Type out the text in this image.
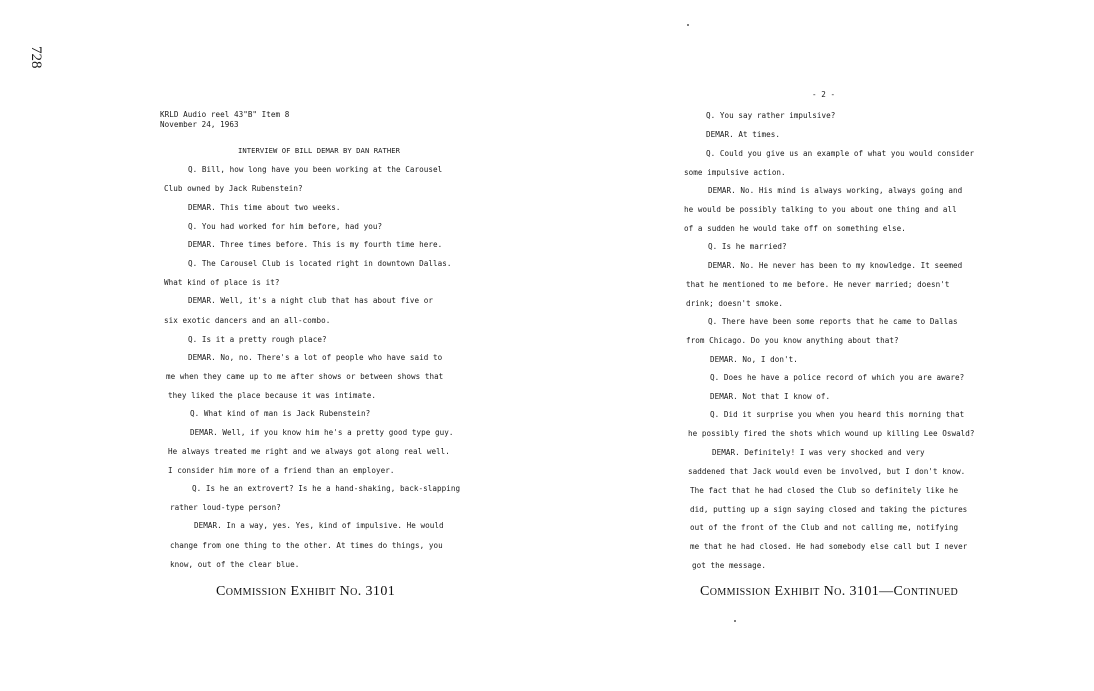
728
KRLD Audio reel 43"B" Item 8
November 24, 1963
INTERVIEW OF BILL DEMAR BY DAN RATHER
Q. Bill, how long have you been working at the Carousel
Club owned by Jack Rubenstein?
DEMAR. This time about two weeks.
Q. You had worked for him before, had you?
DEMAR. Three times before. This is my fourth time here.
Q. The Carousel Club is located right in downtown Dallas.
What kind of place is it?
DEMAR. Well, it's a night club that has about five or
six exotic dancers and an all-combo.
Q. Is it a pretty rough place?
DEMAR. No, no. There's a lot of people who have said to
me when they came up to me after shows or between shows that
they liked the place because it was intimate.
Q. What kind of man is Jack Rubenstein?
DEMAR. Well, if you know him he's a pretty good type guy.
He always treated me right and we always got along real well.
I consider him more of a friend than an employer.
Q. Is he an extrovert? Is he a hand-shaking, back-slapping
rather loud-type person?
DEMAR. In a way, yes. Yes, kind of impulsive. He would
change from one thing to the other. At times do things, you
know, out of the clear blue.
Commission Exhibit No. 3101
- 2 -
Q. You say rather impulsive?
DEMAR. At times.
Q. Could you give us an example of what you would consider
some impulsive action.
DEMAR. No. His mind is always working, always going and
he would be possibly talking to you about one thing and all
of a sudden he would take off on something else.
Q. Is he married?
DEMAR. No. He never has been to my knowledge. It seemed
that he mentioned to me before. He never married; doesn't
drink; doesn't smoke.
Q. There have been some reports that he came to Dallas
from Chicago. Do you know anything about that?
DEMAR. No, I don't.
Q. Does he have a police record of which you are aware?
DEMAR. Not that I know of.
Q. Did it surprise you when you heard this morning that
he possibly fired the shots which wound up killing Lee Oswald?
DEMAR. Definitely! I was very shocked and very
saddened that Jack would even be involved, but I don't know.
The fact that he had closed the Club so definitely like he
did, putting up a sign saying closed and taking the pictures
out of the front of the Club and not calling me, notifying
me that he had closed. He had somebody else call but I never
got the message.
Commission Exhibit No. 3101—Continued
